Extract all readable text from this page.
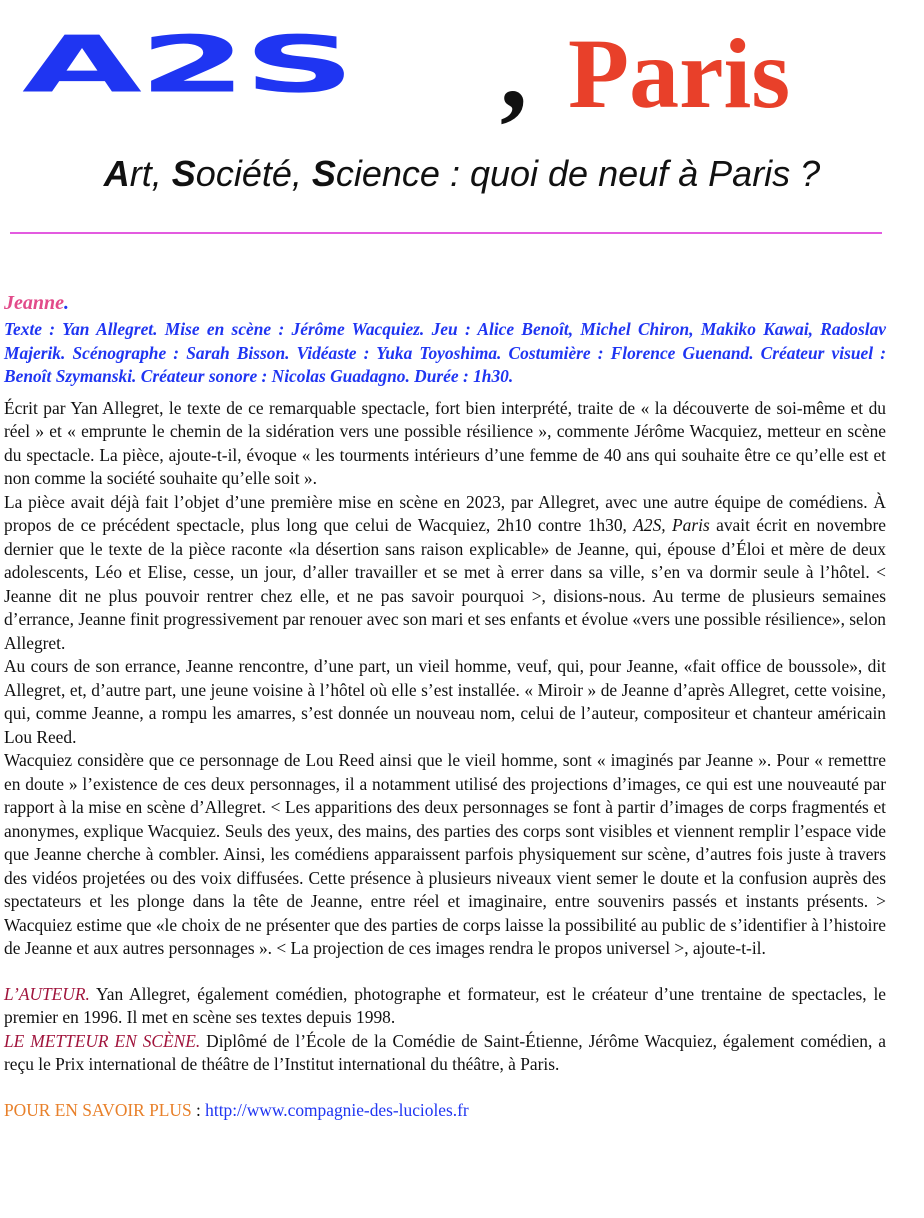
A2S , Paris
Art, Société, Science : quoi de neuf à Paris ?

Jeanne.

Texte : Yan Allegret. Mise en scène : Jérôme Wacquiez. Jeu : Alice Benoît, Michel Chiron, Makiko Kawai, Radoslav Majerik. Scénographe : Sarah Bisson. Vidéaste : Yuka Toyoshima. Costumière : Florence Guenand. Créateur visuel : Benoît Szymanski. Créateur sonore : Nicolas Guadagno. Durée : 1h30.

Écrit par Yan Allegret, le texte de ce remarquable spectacle, fort bien interprété, traite de « la découverte de soi-même et du réel » et « emprunte le chemin de la sidération vers une possible résilience », commente Jérôme Wacquiez, metteur en scène du spectacle. La pièce, ajoute-t-il, évoque « les tourments intérieurs d’une femme de 40 ans qui souhaite être ce qu’elle est et non comme la société souhaite qu’elle soit ».

La pièce avait déjà fait l’objet d’une première mise en scène en 2023, par Allegret, avec une autre équipe de comédiens. À propos de ce précédent spectacle, plus long que celui de Wacquiez, 2h10 contre 1h30, A2S, Paris avait écrit en novembre dernier que le texte de la pièce raconte «la désertion sans raison explicable» de Jeanne, qui, épouse d’Éloi et mère de deux adolescents, Léo et Elise, cesse, un jour, d’aller travailler et se met à errer dans sa ville, s’en va dormir seule à l’hôtel. < Jeanne dit ne plus pouvoir rentrer chez elle, et ne pas savoir pourquoi >, disions-nous. Au terme de plusieurs semaines d’errance, Jeanne finit progressivement par renouer avec son mari et ses enfants et évolue «vers une possible résilience», selon Allegret.

Au cours de son errance, Jeanne rencontre, d’une part, un vieil homme, veuf, qui, pour Jeanne, «fait office de boussole», dit Allegret, et, d’autre part, une jeune voisine à l’hôtel où elle s’est installée. « Miroir » de Jeanne d’après Allegret, cette voisine, qui, comme Jeanne, a rompu les amarres, s’est donnée un nouveau nom, celui de l’auteur, compositeur et chanteur américain Lou Reed.

Wacquiez considère que ce personnage de Lou Reed ainsi que le vieil homme, sont « imaginés par Jeanne ». Pour « remettre en doute » l’existence de ces deux personnages, il a notamment utilisé des projections d’images, ce qui est une nouveauté par rapport à la mise en scène d’Allegret. < Les apparitions des deux personnages se font à partir d’images de corps fragmentés et anonymes, explique Wacquiez. Seuls des yeux, des mains, des parties des corps sont visibles et viennent remplir l’espace vide que Jeanne cherche à combler. Ainsi, les comédiens apparaissent parfois physiquement sur scène, d’autres fois juste à travers des vidéos projetées ou des voix diffusées. Cette présence à plusieurs niveaux vient semer le doute et la confusion auprès des spectateurs et les plonge dans la tête de Jeanne, entre réel et imaginaire, entre souvenirs passés et instants présents. > Wacquiez estime que «le choix de ne présenter que des parties de corps laisse la possibilité au public de s’identifier à l’histoire de Jeanne et aux autres personnages ». < La projection de ces images rendra le propos universel >, ajoute-t-il.

L’AUTEUR. Yan Allegret, également comédien, photographe et formateur, est le créateur d’une trentaine de spectacles, le premier en 1996. Il met en scène ses textes depuis 1998.

LE METTEUR EN SCÈNE. Diplômé de l’École de la Comédie de Saint-Étienne, Jérôme Wacquiez, également comédien, a reçu le Prix international de théâtre de l’Institut international du théâtre, à Paris.

POUR EN SAVOIR PLUS : http://www.compagnie-des-lucioles.fr
